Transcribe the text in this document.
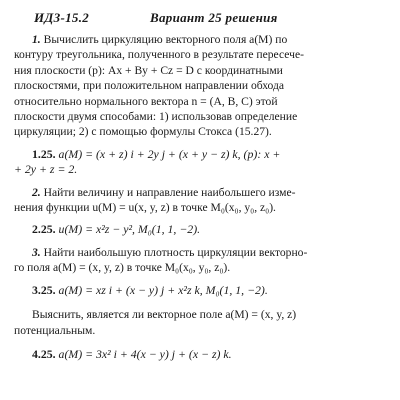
ИДЗ-15.2	Вариант 25 решения
1. Вычислить циркуляцию векторного поля a(M) по
контуру треугольника, полученного в результате пересече-
ния плоскости (p): Ax + By + Cz = D с координатными
плоскостями, при положительном направлении обхода
относительно нормального вектора n = (A, B, C) этой
плоскости двумя способами: 1) использовав определение
циркуляции; 2) с помощью формулы Стокса (15.27).
1.25. a(M) = (x + z) i + 2y j + (x + y − z) k, (p): x +
+ 2y + z = 2.
2. Найти величину и направление наибольшего изме-
нения функции u(M) = u(x, y, z) в точке M₀(x₀, y₀, z₀).
2.25. u(M) = x²z − y², M₀(1, 1, −2).
3. Найти наибольшую плотность циркуляции векторно-
го поля a(M) = (x, y, z) в точке M₀(x₀, y₀, z₀).
3.25. a(M) = xz i + (x − y) j + x²z k, M₀(1, 1, −2).
Выяснить, является ли векторное поле a(M) = (x, y, z)
потенциальным.
4.25. a(M) = 3x² i + 4(x − y) j + (x − z) k.
